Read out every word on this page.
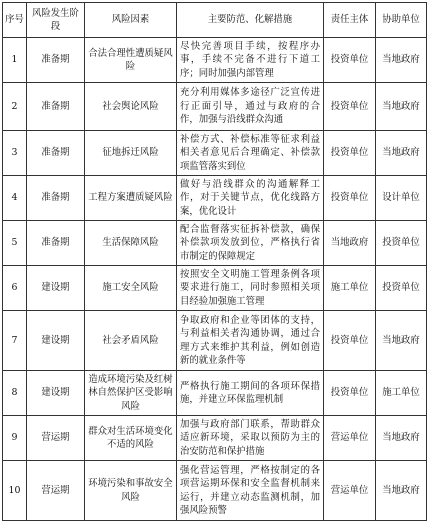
序号	风险发生阶段	风险因素	主要防范、化解措施	责任主体	协助单位
1	准备期	合法合理性遭质疑风险	尽快完善项目手续，按程序办事，手续不完备不进行下道工序；同时加强内部管理	投资单位	当地政府
2	准备期	社会舆论风险	充分利用媒体多途径广泛宣传进行正面引导，通过与政府的合作，加强与沿线群众沟通	投资单位	当地政府
3	准备期	征地拆迁风险	补偿方式、补偿标准等征求利益相关者意见后合理确定、补偿款项监管落实到位	投资单位	当地政府
4	准备期	工程方案遭质疑风险	做好与沿线群众的沟通解释工作，对于关键节点，优化线路方案，优化设计	投资单位	设计单位
5	准备期	生活保障风险	配合监督落实征拆补偿款，确保补偿款项发放到位，严格执行省市制定的保障规定	当地政府	投资单位
6	建设期	施工安全风险	按照安全文明施工管理条例各项要求进行施工，同时参照相关项目经验加强施工管理	施工单位	投资单位
7	建设期	社会矛盾风险	争取政府和企业等团体的支持，与利益相关者沟通协调，通过合理方式来维护其利益，例如创造新的就业条件等	投资单位	当地政府
8	建设期	造成环境污染及红树林自然保护区受影响风险	严格执行施工期间的各项环保措施，并建立环保监理机制	投资单位	施工单位
9	营运期	群众对生活环境变化不适的风险	加强与政府部门联系，帮助群众适应新环境，采取以预防为主的治安防范和保护措施	营运单位	当地政府
10	营运期	环境污染和事故安全风险	强化营运管理，严格按制定的各项营运期环保和安全监督机制来运行，并建立动态监测机制，加强风险预警	营运单位	当地政府
